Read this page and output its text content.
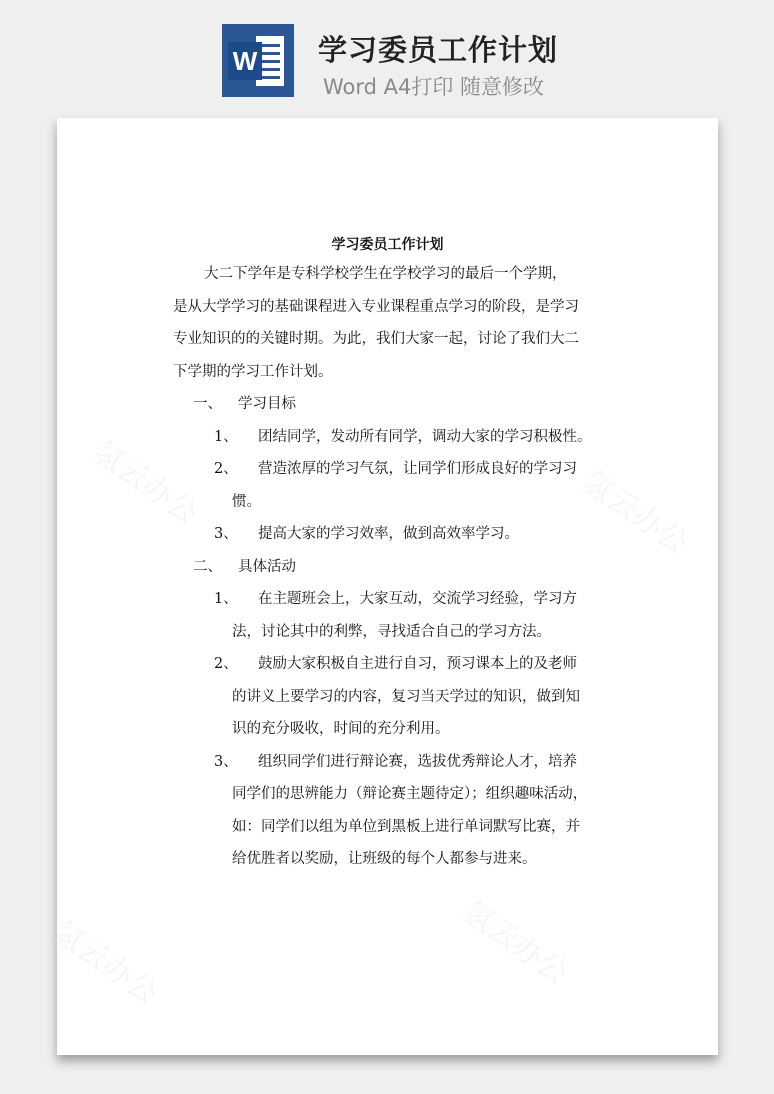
W 学习委员工作计划
Word A4打印 随意修改
学习委员工作计划
大二下学年是专科学校学生在学校学习的最后一个学期，
是从大学学习的基础课程进入专业课程重点学习的阶段，是学习
专业知识的的关键时期。为此，我们大家一起，讨论了我们大二
下学期的学习工作计划。
一、 学习目标
1、 团结同学，发动所有同学，调动大家的学习积极性。
2、 营造浓厚的学习气氛，让同学们形成良好的学习习
惯。
3、 提高大家的学习效率，做到高效率学习。
二、 具体活动
1、 在主题班会上，大家互动，交流学习经验，学习方
法，讨论其中的利弊，寻找适合自己的学习方法。
2、 鼓励大家积极自主进行自习，预习课本上的及老师
的讲义上要学习的内容，复习当天学过的知识，做到知
识的充分吸收，时间的充分利用。
3、 组织同学们进行辩论赛，选拔优秀辩论人才，培养
同学们的思辨能力（辩论赛主题待定）；组织趣味活动，
如：同学们以组为单位到黑板上进行单词默写比赛，并
给优胜者以奖励，让班级的每个人都参与进来。
氢云办公	氢云办公
氢云办公	氢云办公
